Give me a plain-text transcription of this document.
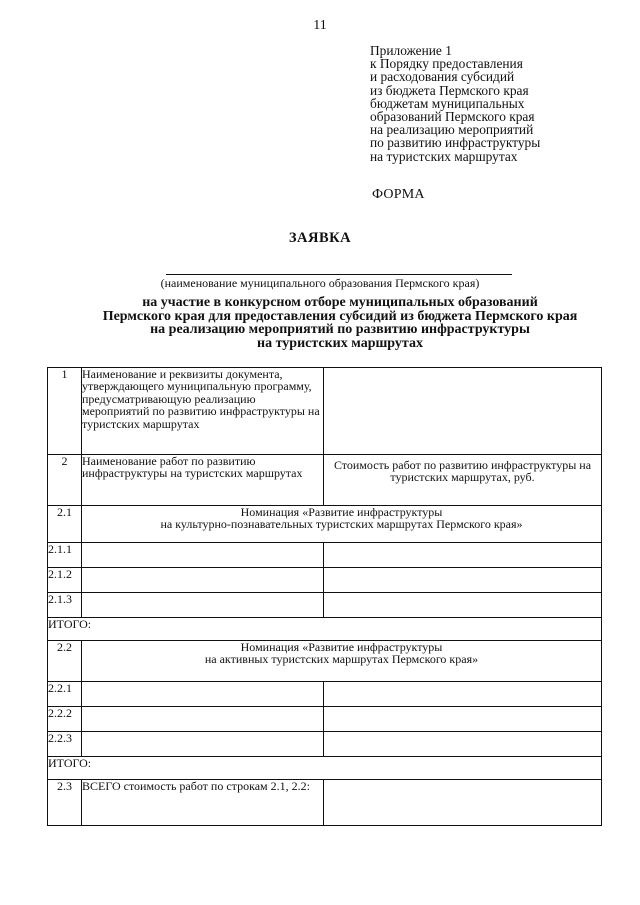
11
Приложение 1
к Порядку предоставления
и расходования субсидий
из бюджета Пермского края
бюджетам муниципальных
образований Пермского края
на реализацию мероприятий
по развитию инфраструктуры
на туристских маршрутах
ФОРМА
ЗАЯВКА
(наименование муниципального образования Пермского края)
на участие в конкурсном отборе муниципальных образований
Пермского края для предоставления субсидий из бюджета Пермского края
на реализацию мероприятий по развитию инфраструктуры
на туристских маршрутах
1	Наименование и реквизиты документа, утверждающего муниципальную программу, предусматривающую реализацию мероприятий по развитию инфраструктуры на туристских маршрутах	
2	Наименование работ по развитию инфраструктуры на туристских маршрутах	Стоимость работ по развитию инфраструктуры на туристских маршрутах, руб.
2.1	Номинация «Развитие инфраструктуры
на культурно-познавательных туристских маршрутах Пермского края»	

2.1.1		
2.1.2		
2.1.3		
ИТОГО:		
2.2	Номинация «Развитие инфраструктуры
на активных туристских маршрутах Пермского края»	

2.2.1		
2.2.2		
2.2.3		
ИТОГО:		
2.3	ВСЕГО стоимость работ по строкам 2.1, 2.2:	
